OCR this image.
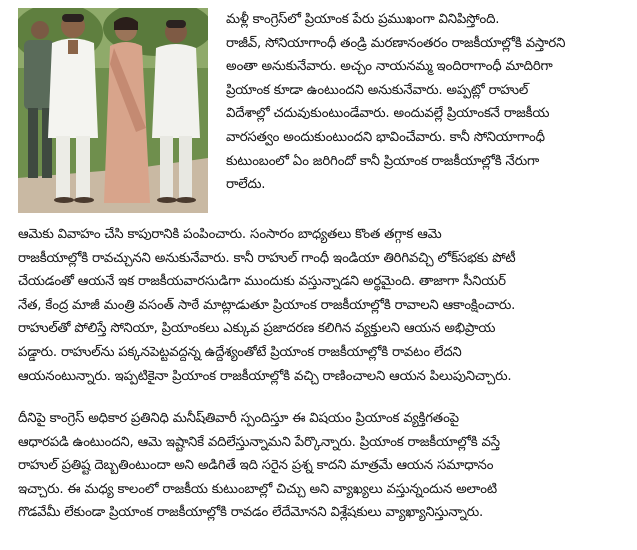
మళ్లీ కాంగ్రెస్‌లో ప్రియాంక పేరు ప్రముఖంగా వినిపిస్తోంది.
రాజీవ్, సోనియాగాంధీ తండ్రి మరణానంతరం రాజకీయాల్లోకి వస్తారని
అంతా అనుకునేవారు. అచ్చం నాయనమ్మ ఇందిరాగాంధీ మాదిరిగా
ప్రియాంక కూడా ఉంటుందని అనుకునేవారు. అప్పట్లో రాహుల్
విదేశాల్లో చదువుకుంటుండేవారు. అందువల్లే ప్రియాంకనే రాజకీయ
వారసత్వం అందుకుంటుందని భావించేవారు. కానీ సోనియాగాంధీ
కుటుంబంలో ఏం జరిగిందో కానీ ప్రియాంక రాజకీయాల్లోకి నేరుగా
రాలేదు.
ఆమెకు వివాహం చేసి కాపురానికి పంపించారు. సంసారం బాధ్యతలు కొంత తగ్గాక ఆమె
రాజకీయాల్లోకి రావచ్చునని అనుకునేవారు. కానీ రాహుల్ గాంధీ ఇండియా తిరిగివచ్చి లోక్‌సభకు పోటీ
చేయడంతో ఆయనే ఇక రాజకీయవారసుడిగా ముందుకు వస్తున్నాడని అర్థమైంది. తాజాగా సీనియర్
నేత, కేంద్ర మాజీ మంత్రి వసంత్ సాఠే మాట్లాడుతూ ప్రియాంక రాజకీయాల్లోకి రావాలని ఆకాంక్షించారు.
రాహుల్‌తో పోలిస్తే సోనియా, ప్రియాంకలు ఎక్కువ ప్రజాదరణ కలిగిన వ్యక్తులని ఆయన అభిప్రాయ
పడ్డారు. రాహుల్‌ను పక్కనపెట్టవద్దన్న ఉద్దేశ్యంతోటే ప్రియాంక రాజకీయాల్లోకి రావటం లేదని
ఆయనంటున్నారు. ఇప్పటికైనా ప్రియాంక రాజకీయాల్లోకి వచ్చి రాణించాలని ఆయన పిలుపునిచ్చారు.
దీనిపై కాంగ్రెస్ అధికార ప్రతినిధి మనీష్‌తివారీ స్పందిస్తూ ఈ విషయం ప్రియాంక వ్యక్తిగతంపై
ఆధారపడి ఉంటుందని, ఆమె ఇష్టానికే వదిలేస్తున్నామని పేర్కొన్నారు. ప్రియాంక రాజకీయాల్లోకి వస్తే
రాహుల్ ప్రతిష్ట దెబ్బతింటుందా అని అడిగితే ఇది సరైన ప్రశ్న కాదని మాత్రమే ఆయన సమాధానం
ఇచ్చారు. ఈ మధ్య కాలంలో రాజకీయ కుటుంబాల్లో చిచ్చు అని వ్యాఖ్యలు వస్తున్నందున అలాంటి
గొడవేమీ లేకుండా ప్రియాంక రాజకీయాల్లోకి రావడం లేదేమోనని విశ్లేషకులు వ్యాఖ్యానిస్తున్నారు.
